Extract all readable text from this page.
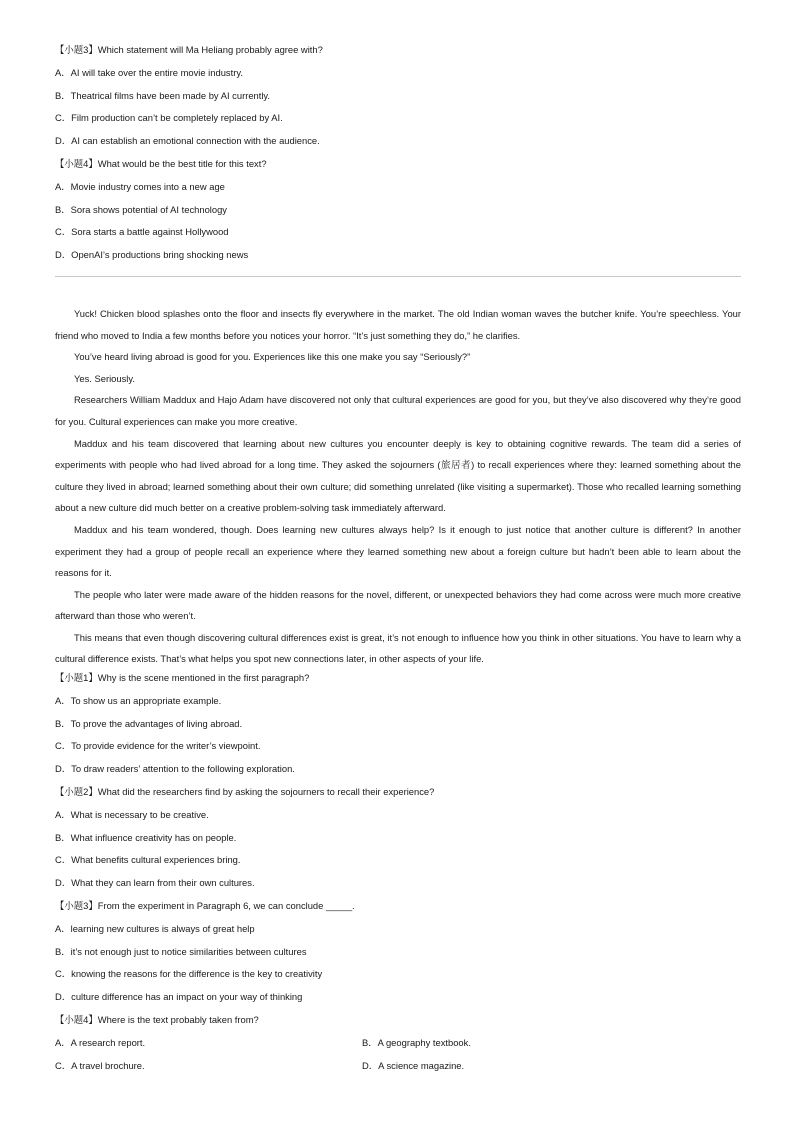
【小题3】Which statement will Ma Heliang probably agree with?
A．AI will take over the entire movie industry.
B．Theatrical films have been made by AI currently.
C．Film production can’t be completely replaced by AI.
D．AI can establish an emotional connection with the audience.
【小题4】What would be the best title for this text?
A．Movie industry comes into a new age
B．Sora shows potential of AI technology
C．Sora starts a battle against Hollywood
D．OpenAI’s productions bring shocking news

Yuck! Chicken blood splashes onto the floor and insects fly everywhere in the market. The old Indian woman waves the butcher knife. You’re speechless. Your friend who moved to India a few months before you notices your horror. “It’s just something they do,” he clarifies.

You’ve heard living abroad is good for you. Experiences like this one make you say “Seriously?”

Yes. Seriously.

Researchers William Maddux and Hajo Adam have discovered not only that cultural experiences are good for you, but they’ve also discovered why they’re good for you. Cultural experiences can make you more creative.

Maddux and his team discovered that learning about new cultures you encounter deeply is key to obtaining cognitive rewards. The team did a series of experiments with people who had lived abroad for a long time. They asked the sojourners (旅居者) to recall experiences where they: learned something about the culture they lived in abroad; learned something about their own culture; did something unrelated (like visiting a supermarket). Those who recalled learning something about a new culture did much better on a creative problem-solving task immediately afterward.

Maddux and his team wondered, though. Does learning new cultures always help? Is it enough to just notice that another culture is different? In another experiment they had a group of people recall an experience where they learned something new about a foreign culture but hadn’t been able to learn about the reasons for it.

The people who later were made aware of the hidden reasons for the novel, different, or unexpected behaviors they had come across were much more creative afterward than those who weren’t.

This means that even though discovering cultural differences exist is great, it’s not enough to influence how you think in other situations. You have to learn why a cultural difference exists. That’s what helps you spot new connections later, in other aspects of your life.

【小题1】Why is the scene mentioned in the first paragraph?
A．To show us an appropriate example.
B．To prove the advantages of living abroad.
C．To provide evidence for the writer’s viewpoint.
D．To draw readers’ attention to the following exploration.
【小题2】What did the researchers find by asking the sojourners to recall their experience?
A．What is necessary to be creative.
B．What influence creativity has on people.
C．What benefits cultural experiences bring.
D．What they can learn from their own cultures.
【小题3】From the experiment in Paragraph 6, we can conclude _____.
A．learning new cultures is always of great help
B．it’s not enough just to notice similarities between cultures
C．knowing the reasons for the difference is the key to creativity
D．culture difference has an impact on your way of thinking
【小题4】Where is the text probably taken from?
A．A research report.	B．A geography textbook.
C．A travel brochure.	D．A science magazine.
